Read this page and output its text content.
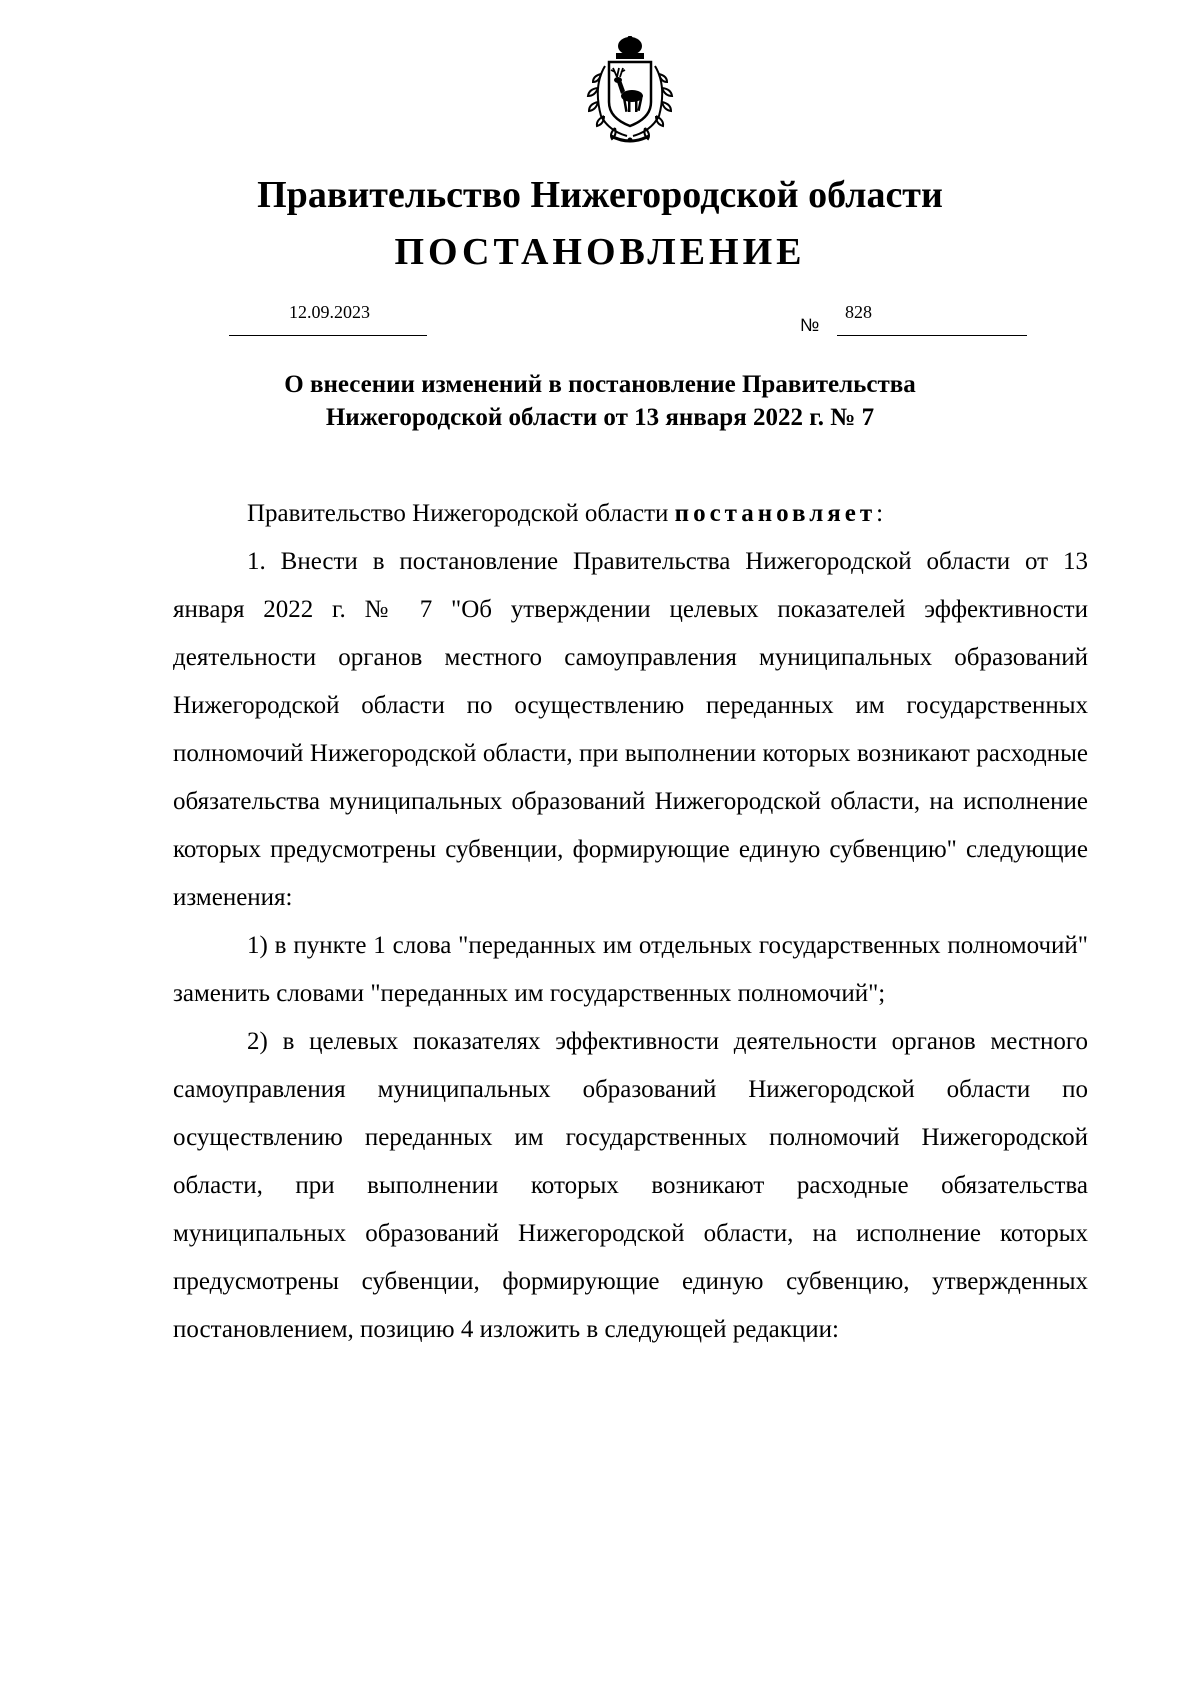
Правительство Нижегородской области
ПОСТАНОВЛЕНИЕ
12.09.2023
№
828
О внесении изменений в постановление Правительства
Нижегородской области от 13 января 2022 г. № 7
Правительство Нижегородской области постановляет:

1. Внести в постановление Правительства Нижегородской области от 13 января 2022 г. № 7 "Об утверждении целевых показателей эффективности деятельности органов местного самоуправления муниципальных образований Нижегородской области по осуществлению переданных им государственных полномочий Нижегородской области, при выполнении которых возникают расходные обязательства муниципальных образований Нижегородской области, на исполнение которых предусмотрены субвенции, формирующие единую субвенцию" следующие изменения:

1) в пункте 1 слова "переданных им отдельных государственных полномочий" заменить словами "переданных им государственных полномочий";

2) в целевых показателях эффективности деятельности органов местного самоуправления муниципальных образований Нижегородской области по осуществлению переданных им государственных полномочий Нижегородской области, при выполнении которых возникают расходные обязательства муниципальных образований Нижегородской области, на исполнение которых предусмотрены субвенции, формирующие единую субвенцию, утвержденных постановлением, позицию 4 изложить в следующей редакции:
